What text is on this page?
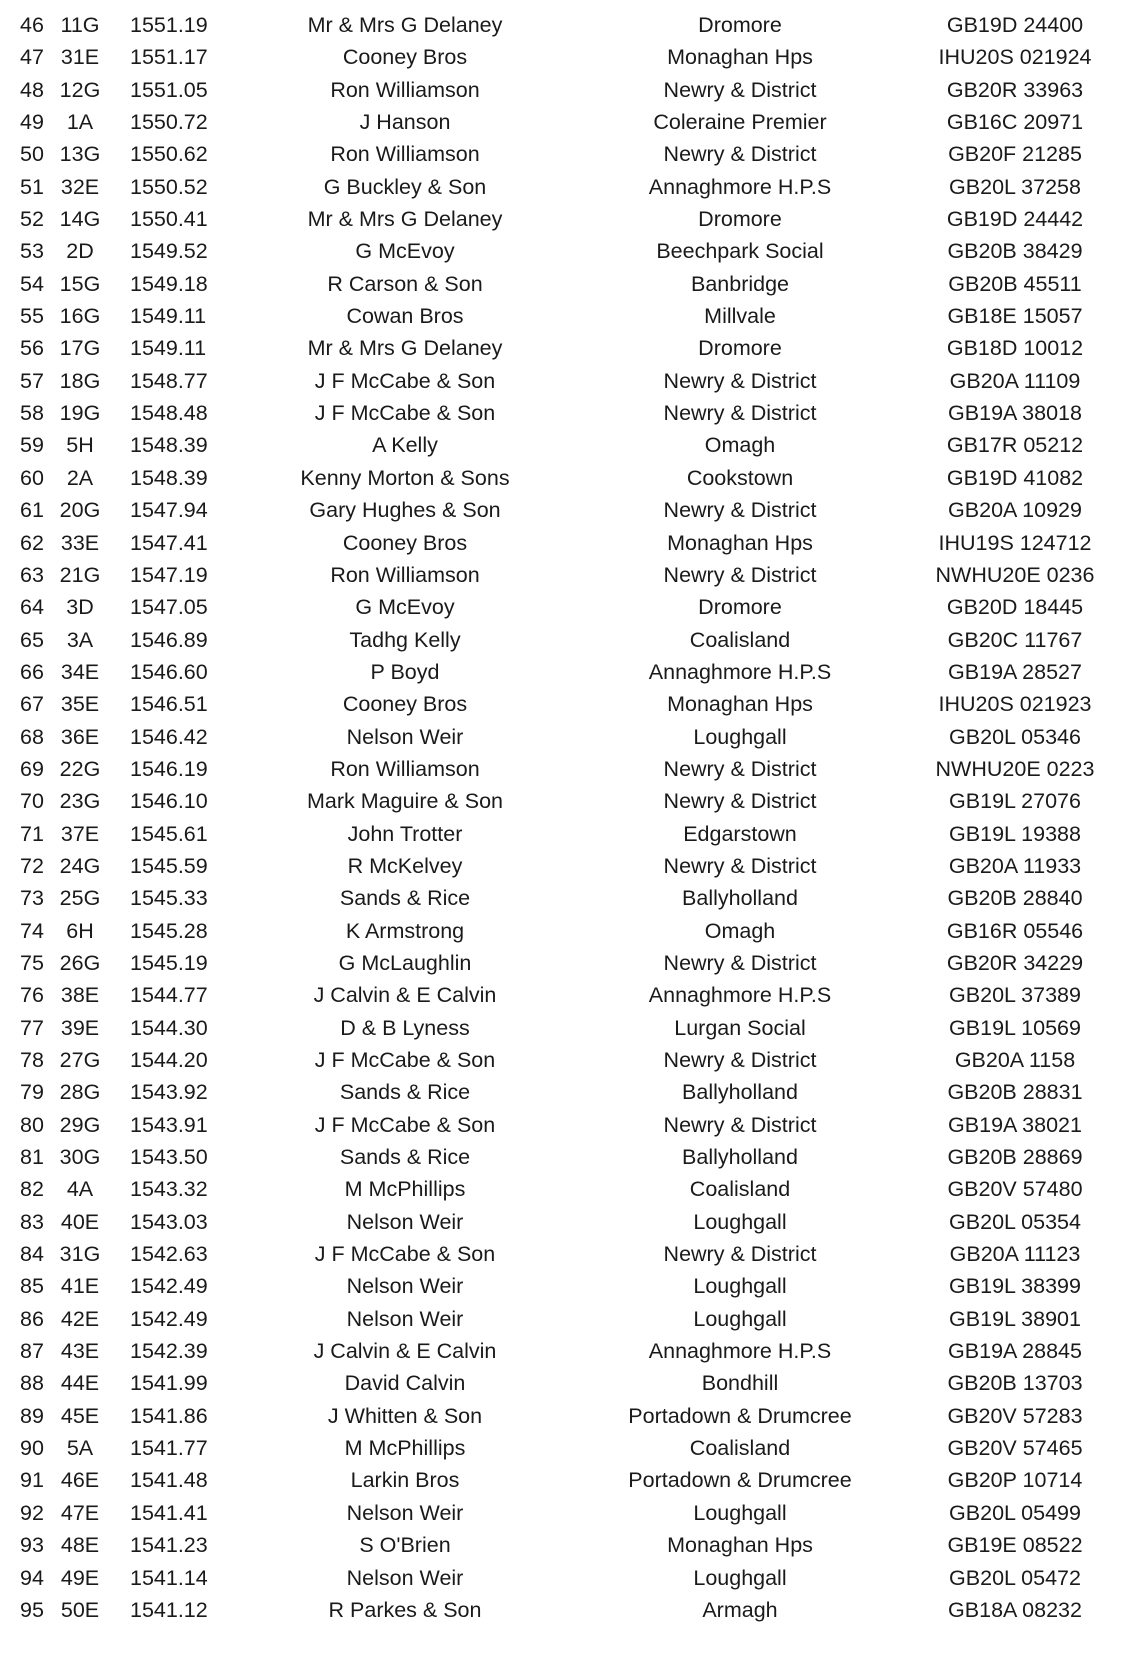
46 11G 1551.19	Mr & Mrs G Delaney	Dromore	GB19D 24400
47 31E 1551.17	Cooney Bros	Monaghan Hps	IHU20S 021924
48 12G 1551.05	Ron Williamson	Newry & District	GB20R 33963
49	1A	1550.72	J Hanson	Coleraine Premier	GB16C 20971
50 13G 1550.62	Ron Williamson	Newry & District	GB20F 21285
51 32E 1550.52	G Buckley & Son	Annaghmore H.P.S	GB20L 37258
52 14G 1550.41	Mr & Mrs G Delaney	Dromore	GB19D 24442
53	2D	1549.52	G McEvoy	Beechpark Social	GB20B 38429
54 15G 1549.18	R Carson & Son	Banbridge	GB20B 45511
55 16G 1549.11	Cowan Bros	Millvale	GB18E 15057
56 17G 1549.11	Mr & Mrs G Delaney	Dromore	GB18D 10012
57 18G 1548.77	J F McCabe & Son	Newry & District	GB20A 11109
58 19G 1548.48	J F McCabe & Son	Newry & District	GB19A 38018
59	5H	1548.39	A Kelly	Omagh	GB17R 05212
60	2A	1548.39	Kenny Morton & Sons	Cookstown	GB19D 41082
61 20G 1547.94	Gary Hughes & Son	Newry & District	GB20A 10929
62 33E 1547.41	Cooney Bros	Monaghan Hps	IHU19S 124712
63 21G 1547.19	Ron Williamson	Newry & District	NWHU20E 0236
64	3D	1547.05	G McEvoy	Dromore	GB20D 18445
65	3A	1546.89	Tadhg Kelly	Coalisland	GB20C 11767
66 34E 1546.60	P Boyd	Annaghmore H.P.S	GB19A 28527
67 35E 1546.51	Cooney Bros	Monaghan Hps	IHU20S 021923
68 36E 1546.42	Nelson Weir	Loughgall	GB20L 05346
69 22G 1546.19	Ron Williamson	Newry & District	NWHU20E 0223
70 23G 1546.10	Mark Maguire & Son	Newry & District	GB19L 27076
71 37E 1545.61	John Trotter	Edgarstown	GB19L 19388
72 24G 1545.59	R McKelvey	Newry & District	GB20A 11933
73 25G 1545.33	Sands & Rice	Ballyholland	GB20B 28840
74	6H	1545.28	K Armstrong	Omagh	GB16R 05546
75 26G 1545.19	G McLaughlin	Newry & District	GB20R 34229
76 38E 1544.77	J Calvin & E Calvin	Annaghmore H.P.S	GB20L 37389
77 39E 1544.30	D & B Lyness	Lurgan Social	GB19L 10569
78 27G 1544.20	J F McCabe & Son	Newry & District	GB20A 1158
79 28G 1543.92	Sands & Rice	Ballyholland	GB20B 28831
80 29G 1543.91	J F McCabe & Son	Newry & District	GB19A 38021
81 30G 1543.50	Sands & Rice	Ballyholland	GB20B 28869
82	4A	1543.32	M McPhillips	Coalisland	GB20V 57480
83 40E 1543.03	Nelson Weir	Loughgall	GB20L 05354
84 31G 1542.63	J F McCabe & Son	Newry & District	GB20A 11123
85 41E 1542.49	Nelson Weir	Loughgall	GB19L 38399
86 42E 1542.49	Nelson Weir	Loughgall	GB19L 38901
87 43E 1542.39	J Calvin & E Calvin	Annaghmore H.P.S	GB19A 28845
88 44E 1541.99	David Calvin	Bondhill	GB20B 13703
89 45E 1541.86	J Whitten & Son	Portadown & Drumcree	GB20V 57283
90	5A	1541.77	M McPhillips	Coalisland	GB20V 57465
91 46E 1541.48	Larkin Bros	Portadown & Drumcree	GB20P 10714
92 47E 1541.41	Nelson Weir	Loughgall	GB20L 05499
93 48E 1541.23	S O'Brien	Monaghan Hps	GB19E 08522
94 49E 1541.14	Nelson Weir	Loughgall	GB20L 05472
95 50E 1541.12	R Parkes & Son	Armagh	GB18A 08232
